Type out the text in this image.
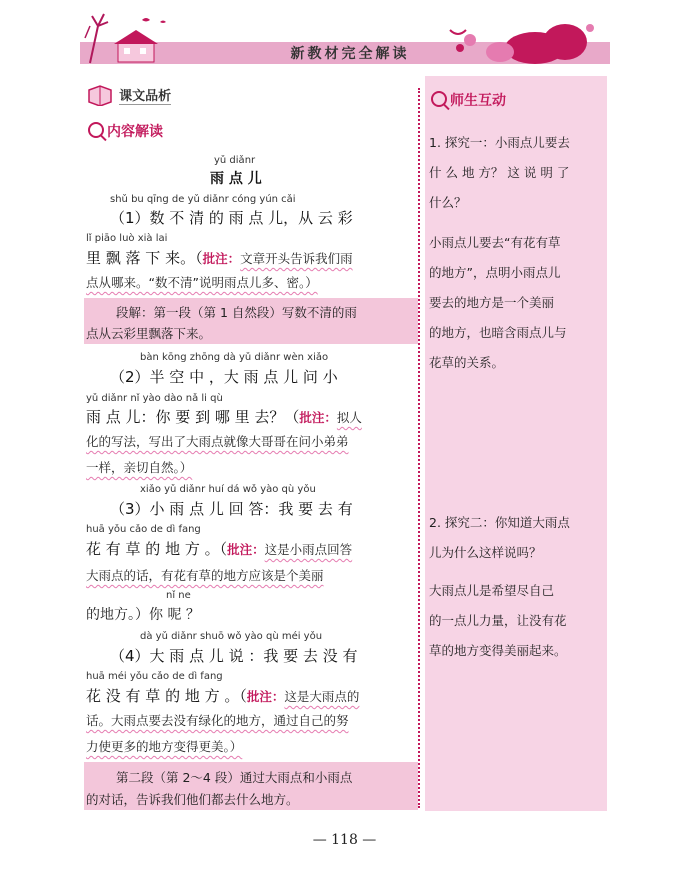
新教材完全解读
课文品析
内容解读
yǔ diǎnr
雨 点 儿
shǔ bu qīng de yǔ diǎnr cóng yún cǎi
（1）数 不 清 的 雨 点 儿，从 云 彩
lǐ piāo luò xià lai
里 飘 落 下 来。（批注：文章开头告诉我们雨
点从哪来。“数不清”说明雨点儿多、密。）
段解：第一段（第 1 自然段）写数不清的雨
点从云彩里飘落下来。
bàn kōng zhōng dà yǔ diǎnr wèn xiǎo
（2）半 空 中 ，大 雨 点 儿 问 小
yǔ diǎnr nǐ yào dào nǎ li qù
雨 点 儿：你 要 到 哪 里 去？（批注：拟人
化的写法，写出了大雨点就像大哥哥在问小弟弟
一样，亲切自然。）
xiǎo yǔ diǎnr huí dá wǒ yào qù yǒu
（3）小 雨 点 儿 回 答：我 要 去 有
huā yǒu cǎo de dì fang
花 有 草 的 地 方 。（批注：这是小雨点回答
大雨点的话，有花有草的地方应该是个美丽
nǐ ne
的地方。）你 呢 ？
dà yǔ diǎnr shuō wǒ yào qù méi yǒu
（4）大 雨 点 儿 说 ：我 要 去 没 有
huā méi yǒu cǎo de dì fang
花 没 有 草 的 地 方 。（批注：这是大雨点的
话。大雨点要去没有绿化的地方，通过自己的努
力使更多的地方变得更美。）
第二段（第 2～4 段）通过大雨点和小雨点
的对话，告诉我们他们都去什么地方。
师生互动
1. 探究一：小雨点儿要去
什 么 地 方？ 这 说 明 了
什么？
小雨点儿要去“有花有草
的地方”，点明小雨点儿
要去的地方是一个美丽
的地方，也暗含雨点儿与
花草的关系。
2. 探究二：你知道大雨点
儿为什么这样说吗？
大雨点儿是希望尽自己
的一点儿力量，让没有花
草的地方变得美丽起来。
— 118 —
